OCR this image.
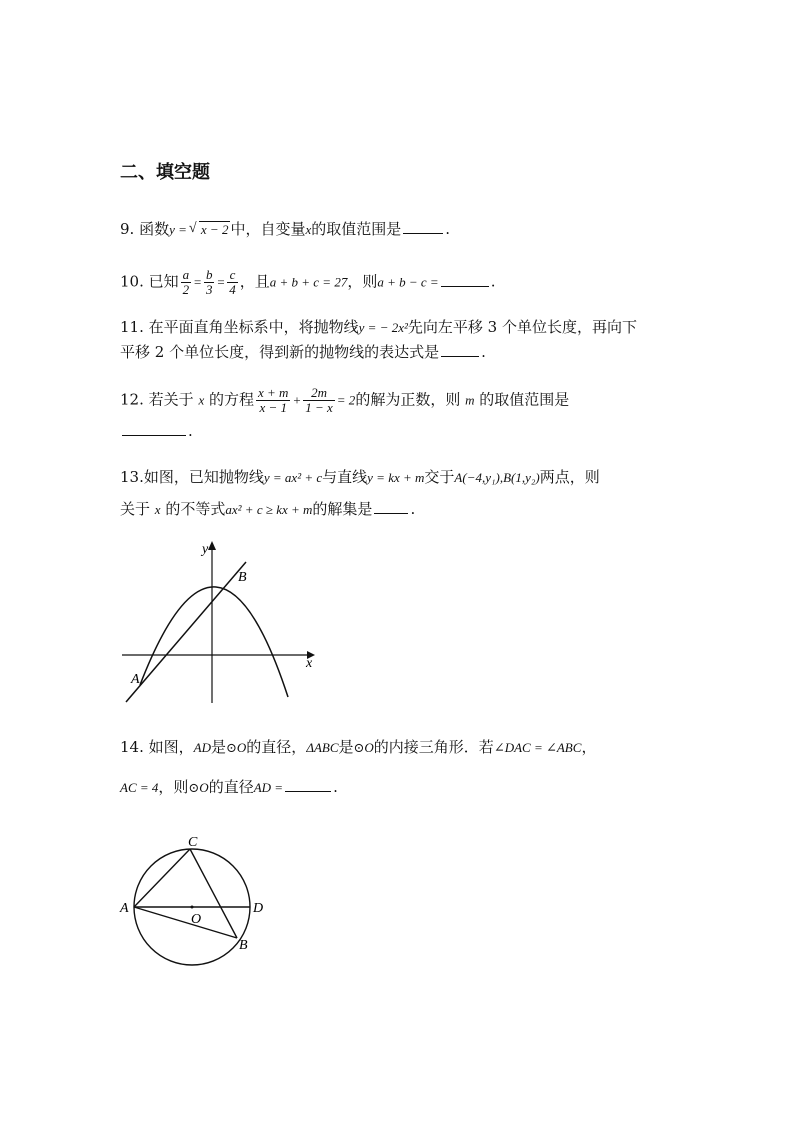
二、填空题
9. 函数y =√ x − 2 中，自变量x的取值范围是	.
10. 已知 $\frac{a}{2} = \frac{b}{3} = \frac{c}{4}$ ，且a + b + c = 27，则a + b − c =	.
11. 在平面直角坐标系中，将抛物线y = − 2x²先向左平移 3 个单位长度，再向下
平移 2 个单位长度，得到新的抛物线的表达式是	.
12. 若关于 x 的方程 $\frac{x + m}{x - 1} + \frac{2m}{1 - x} = 2$的解为正数，则 m 的取值范围是
.
13.如图，已知抛物线y = ax² + c与直线y = kx + m交于A(−4,y₁),B(1,y₂)两点，则
关于 x 的不等式ax² + c ≥ kx + m的解集是	.
y
x
A
B
14. 如图，AD是⊙O的直径，ΔABC是⊙O的内接三角形．若∠DAC = ∠ABC，
AC = 4，则⊙O的直径AD =	.
A
C
D
O
B
